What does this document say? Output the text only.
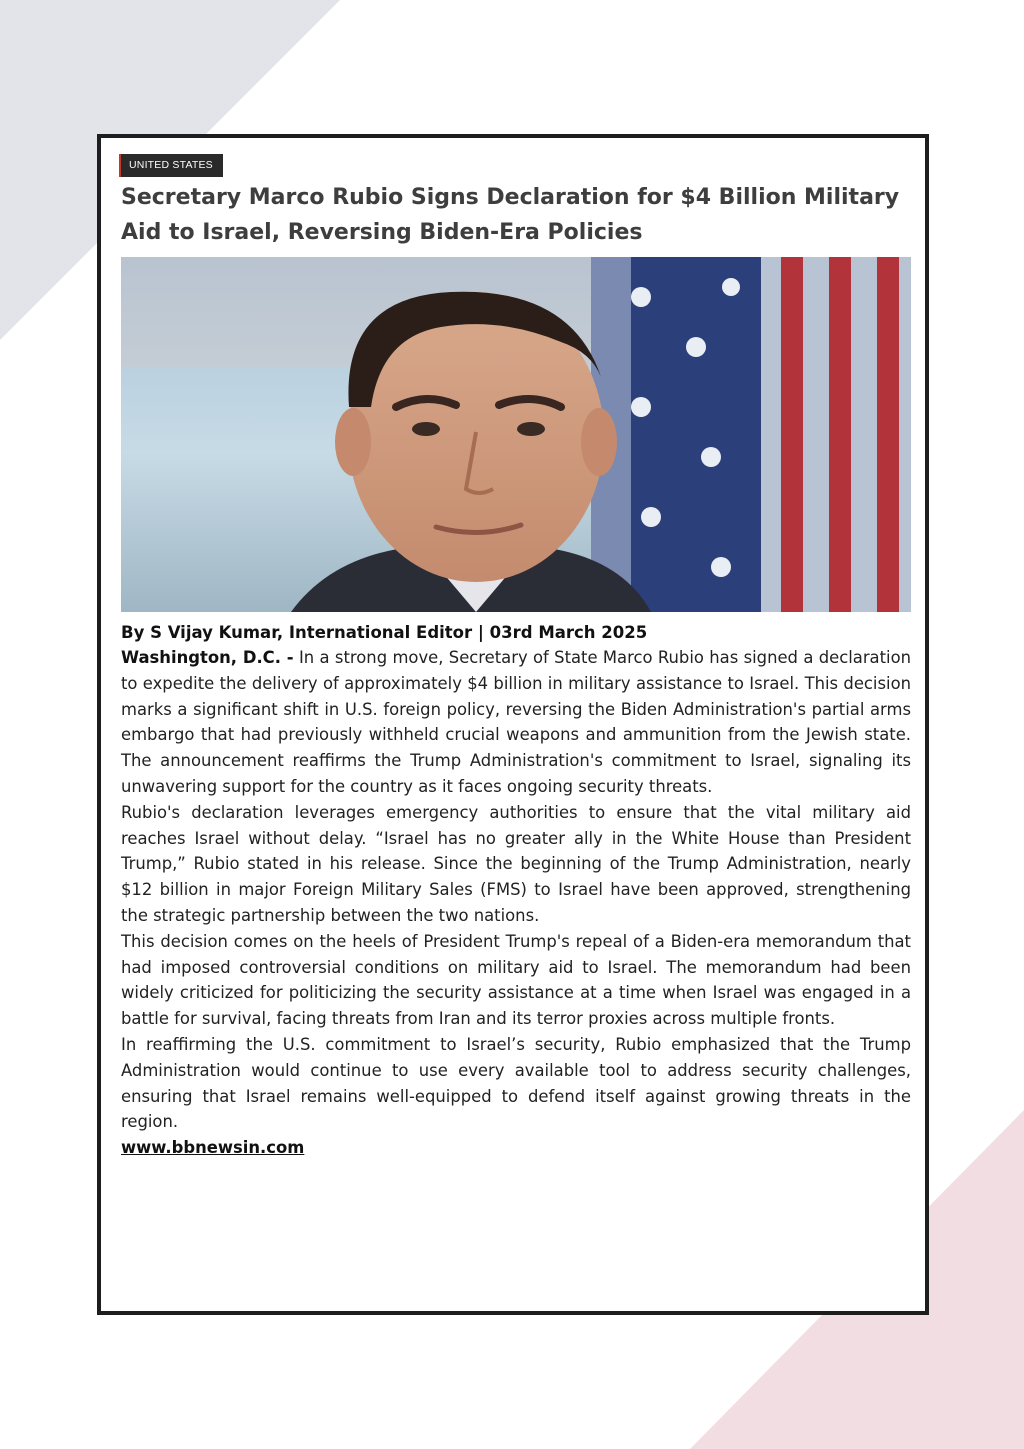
UNITED STATES
Secretary Marco Rubio Signs Declaration for $4 Billion Military Aid to Israel, Reversing Biden-Era Policies

By S Vijay Kumar, International Editor | 03rd March 2025

Washington, D.C. - In a strong move, Secretary of State Marco Rubio has signed a declaration to expedite the delivery of approximately $4 billion in military assistance to Israel. This decision marks a significant shift in U.S. foreign policy, reversing the Biden Administration's partial arms embargo that had previously withheld crucial weapons and ammunition from the Jewish state. The announcement reaffirms the Trump Administration's commitment to Israel, signaling its unwavering support for the country as it faces ongoing security threats.

Rubio's declaration leverages emergency authorities to ensure that the vital military aid reaches Israel without delay. “Israel has no greater ally in the White House than President Trump,” Rubio stated in his release. Since the beginning of the Trump Administration, nearly $12 billion in major Foreign Military Sales (FMS) to Israel have been approved, strengthening the strategic partnership between the two nations.

This decision comes on the heels of President Trump's repeal of a Biden-era memorandum that had imposed controversial conditions on military aid to Israel. The memorandum had been widely criticized for politicizing the security assistance at a time when Israel was engaged in a battle for survival, facing threats from Iran and its terror proxies across multiple fronts.

In reaffirming the U.S. commitment to Israel’s security, Rubio emphasized that the Trump Administration would continue to use every available tool to address security challenges, ensuring that Israel remains well-equipped to defend itself against growing threats in the region.

www.bbnewsin.com
